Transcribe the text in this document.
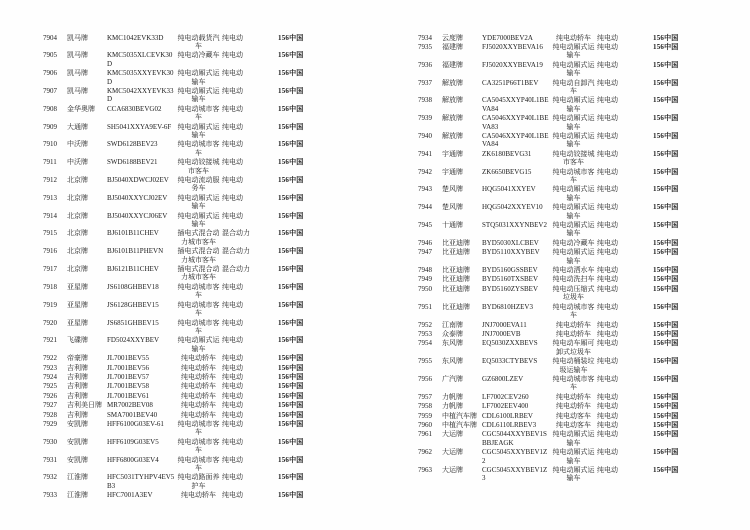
7904	凯马牌	KMC1042EVK33D	纯电动载货汽车	纯电动	156中国
7905	凯马牌	KMC5035XLCEVK30D	纯电动冷藏车	纯电动	156中国
7906	凯马牌	KMC5035XXYEVK30D	纯电动厢式运输车	纯电动	156中国
7907	凯马牌	KMC5042XXYEVK33D	纯电动厢式运输车	纯电动	156中国
7908	金华奥牌	CCA6830BEVG02	纯电动城市客车	纯电动	156中国
7909	大通牌	SH5041XXYA9EV-6F	纯电动厢式运输车	纯电动	156中国
7910	中沃牌	SWD6128BEV23	纯电动城市客车	纯电动	156中国
7911	中沃牌	SWD6188BEV21	纯电动铰接城市客车	纯电动	156中国
7912	北京牌	BJ5040XDWCJ02EV	纯电动流动服务车	纯电动	156中国
7913	北京牌	BJ5040XXYCJ02EV	纯电动厢式运输车	纯电动	156中国
7914	北京牌	BJ5040XXYCJ06EV	纯电动厢式运输车	纯电动	156中国
7915	北京牌	BJ6101B11CHEV	插电式混合动力城市客车	混合动力	156中国
7916	北京牌	BJ6101B11PHEVN	插电式混合动力城市客车	混合动力	156中国
7917	北京牌	BJ6121B11CHEV	插电式混合动力城市客车	混合动力	156中国
7918	亚星牌	JS6108GHBEV18	纯电动城市客车	纯电动	156中国
7919	亚星牌	JS6128GHBEV15	纯电动城市客车	纯电动	156中国
7920	亚星牌	JS6851GHBEV15	纯电动城市客车	纯电动	156中国
7921	飞碟牌	FD5024XXYBEV	纯电动厢式运输车	纯电动	156中国
7922	帝豪牌	JL7001BEV55	纯电动轿车	纯电动	156中国
7923	吉利牌	JL7001BEV56	纯电动轿车	纯电动	156中国
7924	吉利牌	JL7001BEV57	纯电动轿车	纯电动	156中国
7925	吉利牌	JL7001BEV58	纯电动轿车	纯电动	156中国
7926	吉利牌	JL7001BEV61	纯电动轿车	纯电动	156中国
7927	吉利美日牌	MR7002BEV08	纯电动轿车	纯电动	156中国
7928	吉利牌	SMA7001BEV40	纯电动轿车	纯电动	156中国
7929	安凯牌	HFF6100G03EV-61	纯电动城市客车	纯电动	156中国
7930	安凯牌	HFF6109G03EV5	纯电动城市客车	纯电动	156中国
7931	安凯牌	HFF6800G03EV4	纯电动城市客车	纯电动	156中国
7932	江淮牌	HFC5031TYHPV4EV5B3	纯电动路面养护车	纯电动	156中国
7933	江淮牌	HFC7001A3EV	纯电动轿车	纯电动	156中国
7934	云度牌	YDE7000BEV2A	纯电动轿车	纯电动	156中国
7935	福建牌	FJ5020XXYBEVA16	纯电动厢式运输车	纯电动	156中国
7936	福建牌	FJ5020XXYBEVA19	纯电动厢式运输车	纯电动	156中国
7937	解放牌	CA3251P66T1BEV	纯电动自卸汽车	纯电动	156中国
7938	解放牌	CA5045XXYP40L1BEVA84	纯电动厢式运输车	纯电动	156中国
7939	解放牌	CA5046XXYP40L1BEVA83	纯电动厢式运输车	纯电动	156中国
7940	解放牌	CA5046XXYP40L1BEVA84	纯电动厢式运输车	纯电动	156中国
7941	宇通牌	ZK6180BEVG31	纯电动铰接城市客车	纯电动	156中国
7942	宇通牌	ZK6650BEVG15	纯电动城市客车	纯电动	156中国
7943	楚风牌	HQG5041XXYEV	纯电动厢式运输车	纯电动	156中国
7944	楚风牌	HQG5042XXYEV10	纯电动厢式运输车	纯电动	156中国
7945	十通牌	STQ5031XXYNBEV2	纯电动厢式运输车	纯电动	156中国
7946	比亚迪牌	BYD5030XLCBEV	纯电动冷藏车	纯电动	156中国
7947	比亚迪牌	BYD5110XXYBEV	纯电动厢式运输车	纯电动	156中国
7948	比亚迪牌	BYD5160GSSBEV	纯电动洒水车	纯电动	156中国
7949	比亚迪牌	BYD5160TXSBEV	纯电动洗扫车	纯电动	156中国
7950	比亚迪牌	BYD5160ZYSBEV	纯电动压缩式垃圾车	纯电动	156中国
7951	比亚迪牌	BYD6810HZEV3	纯电动城市客车	纯电动	156中国
7952	江南牌	JNJ7000EVA11	纯电动轿车	纯电动	156中国
7953	众泰牌	JNJ7000EVB	纯电动轿车	纯电动	156中国
7954	东风牌	EQ5030ZXXBEVS	纯电动车厢可卸式垃圾车	纯电动	156中国
7955	东风牌	EQ5033CTYBEVS	纯电动桶装垃圾运输车	纯电动	156中国
7956	广汽牌	GZ6800LZEV	纯电动城市客车	纯电动	156中国
7957	力帆牌	LF7002CEV260	纯电动轿车	纯电动	156中国
7958	力帆牌	LF7002EEV400	纯电动轿车	纯电动	156中国
7959	中植汽车牌	CDL6100LRBEV	纯电动客车	纯电动	156中国
7960	中植汽车牌	CDL6110LRBEV3	纯电动客车	纯电动	156中国
7961	大运牌	CGC5044XXYBEV1SBBJEAGK	纯电动厢式运输车	纯电动	156中国
7962	大运牌	CGC5045XXYBEV1Z2	纯电动厢式运输车	纯电动	156中国
7963	大运牌	CGC5045XXYBEV1Z3	纯电动厢式运输车	纯电动	156中国
